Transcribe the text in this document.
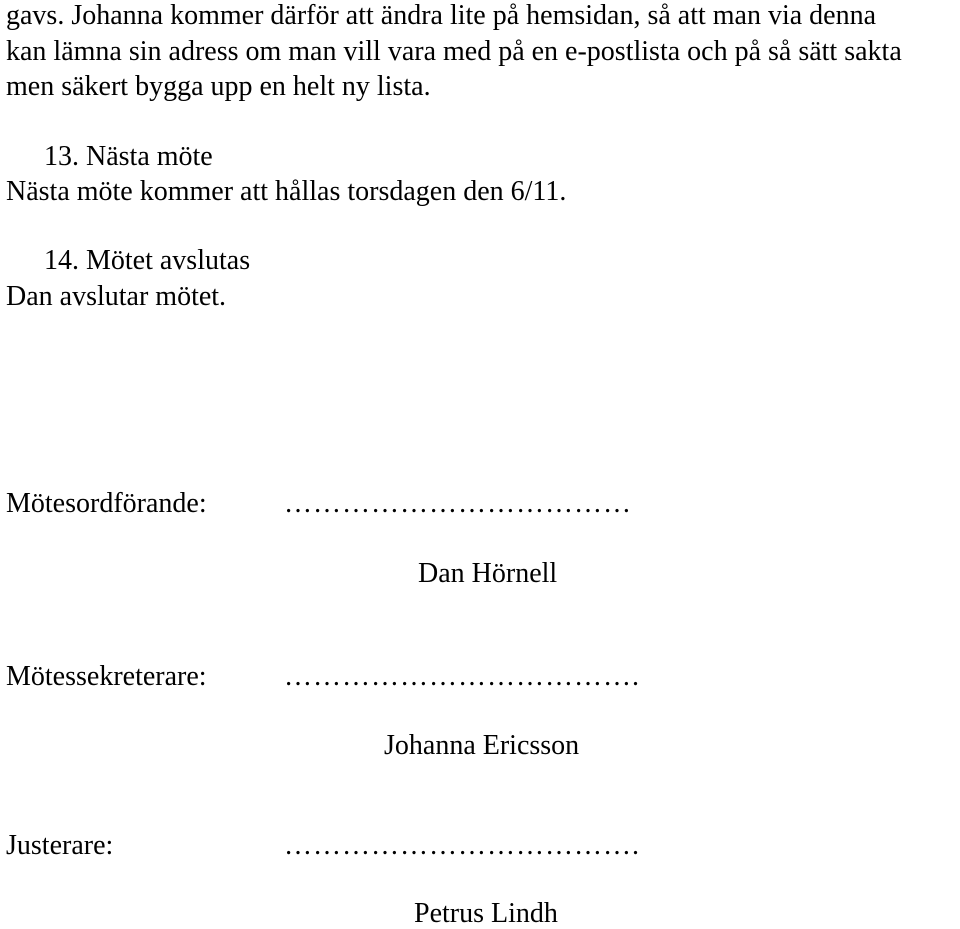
gavs. Johanna kommer därför att ändra lite på hemsidan, så att man via denna
kan lämna sin adress om man vill vara med på en e-postlista och på så sätt sakta
men säkert bygga upp en helt ny lista.
13. Nästa möte
Nästa möte kommer att hållas torsdagen den 6/11.
14. Mötet avslutas
Dan avslutar mötet.
Mötesordförande:	………………………………
Dan Hörnell
Mötessekreterare:	……………………………….
Johanna Ericsson
Justerare:	……………………………….
Petrus Lindh
